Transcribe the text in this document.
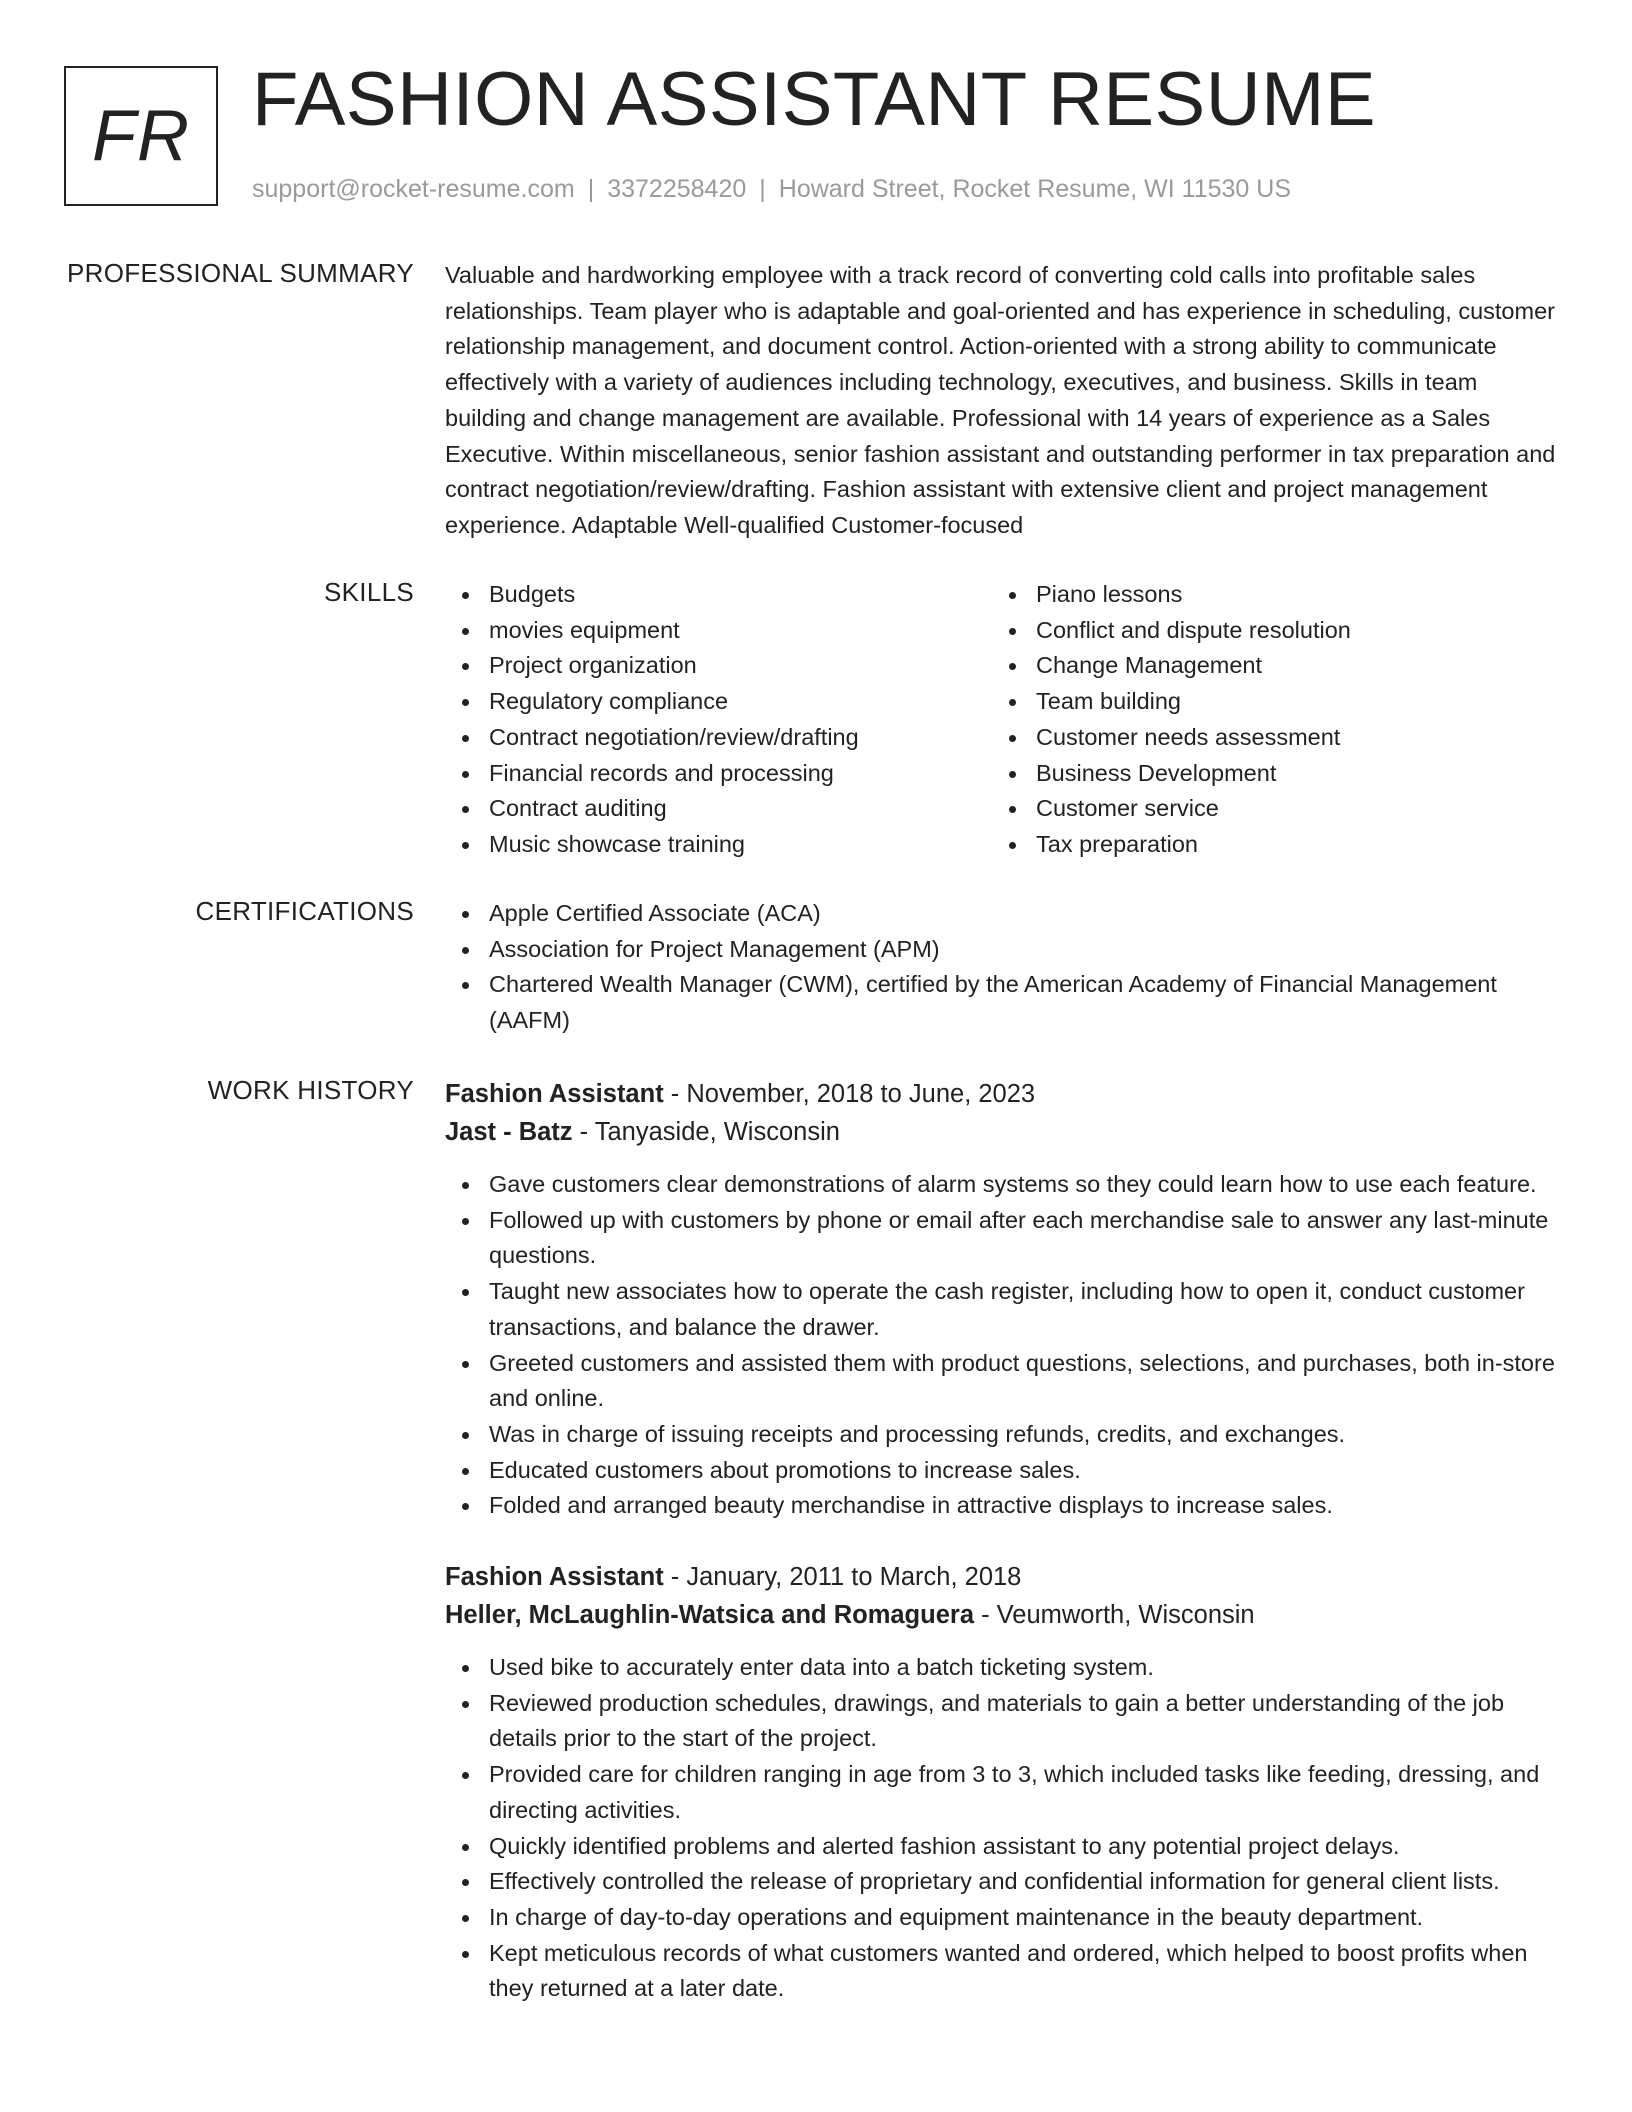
FR FASHION ASSISTANT RESUME
support@rocket-resume.com | 3372258420 | Howard Street, Rocket Resume, WI 11530 US
PROFESSIONAL SUMMARY Valuable and hardworking employee with a track record of converting cold calls into profitable sales relationships. Team player who is adaptable and goal-oriented and has experience in scheduling, customer relationship management, and document control. Action-oriented with a strong ability to communicate effectively with a variety of audiences including technology, executives, and business. Skills in team building and change management are available. Professional with 14 years of experience as a Sales Executive. Within miscellaneous, senior fashion assistant and outstanding performer in tax preparation and contract negotiation/review/drafting. Fashion assistant with extensive client and project management experience. Adaptable Well-qualified Customer-focused

SKILLS	Budgets
movies equipment
Project organization
Regulatory compliance
Contract negotiation/review/drafting
Financial records and processing
Contract auditing
Music showcase training
Piano lessons
Conflict and dispute resolution
Change Management
Team building
Customer needs assessment
Business Development
Customer service
Tax preparation
CERTIFICATIONS	Apple Certified Associate (ACA)
Association for Project Management (APM)
Chartered Wealth Manager (CWM), certified by the American Academy of Financial Management (AAFM)
WORK HISTORY Fashion Assistant - November, 2018 to June, 2023
Jast - Batz - Tanyaside, Wisconsin
Gave customers clear demonstrations of alarm systems so they could learn how to use each feature.
Followed up with customers by phone or email after each merchandise sale to answer any last-minute questions.
Taught new associates how to operate the cash register, including how to open it, conduct customer transactions, and balance the drawer.
Greeted customers and assisted them with product questions, selections, and purchases, both in-store and online.
Was in charge of issuing receipts and processing refunds, credits, and exchanges.
Educated customers about promotions to increase sales.
Folded and arranged beauty merchandise in attractive displays to increase sales.
Fashion Assistant - January, 2011 to March, 2018
Heller, McLaughlin-Watsica and Romaguera - Veumworth, Wisconsin
Used bike to accurately enter data into a batch ticketing system.
Reviewed production schedules, drawings, and materials to gain a better understanding of the job details prior to the start of the project.
Provided care for children ranging in age from 3 to 3, which included tasks like feeding, dressing, and directing activities.
Quickly identified problems and alerted fashion assistant to any potential project delays.
Effectively controlled the release of proprietary and confidential information for general client lists.
In charge of day-to-day operations and equipment maintenance in the beauty department.
Kept meticulous records of what customers wanted and ordered, which helped to boost profits when they returned at a later date.
